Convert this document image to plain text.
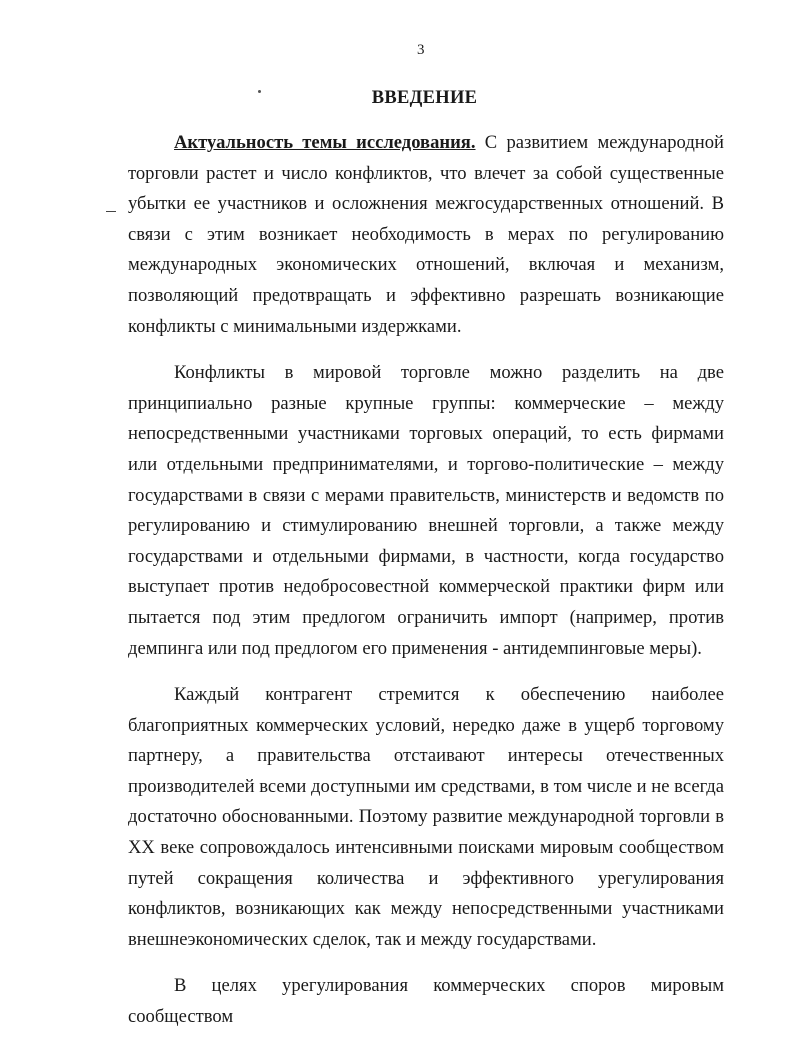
3
ВВЕДЕНИЕ

Актуальность темы исследования. С развитием международной торговли растет и число конфликтов, что влечет за собой существенные убытки ее участников и осложнения межгосударственных отношений. В связи с этим возникает необходимость в мерах по регулированию международных экономических отношений, включая и механизм, позволяющий предотвращать и эффективно разрешать возникающие конфликты с минимальными издержками.

Конфликты в мировой торговле можно разделить на две принципиально разные крупные группы: коммерческие – между непосредственными участниками торговых операций, то есть фирмами или отдельными предпринимателями, и торгово-политические – между государствами в связи с мерами правительств, министерств и ведомств по регулированию и стимулированию внешней торговли, а также между государствами и отдельными фирмами, в частности, когда государство выступает против недобросовестной коммерческой практики фирм или пытается под этим предлогом ограничить импорт (например, против демпинга или под предлогом его применения - антидемпинговые меры).

Каждый контрагент стремится к обеспечению наиболее благоприятных коммерческих условий, нередко даже в ущерб торговому партнеру, а правительства отстаивают интересы отечественных производителей всеми доступными им средствами, в том числе и не всегда достаточно обоснованными. Поэтому развитие международной торговли в XX веке сопровождалось интенсивными поисками мировым сообществом путей сокращения количества и эффективного урегулирования конфликтов, возникающих как между непосредственными участниками внешнеэкономических сделок, так и между государствами.

В целях урегулирования коммерческих споров мировым сообществом
